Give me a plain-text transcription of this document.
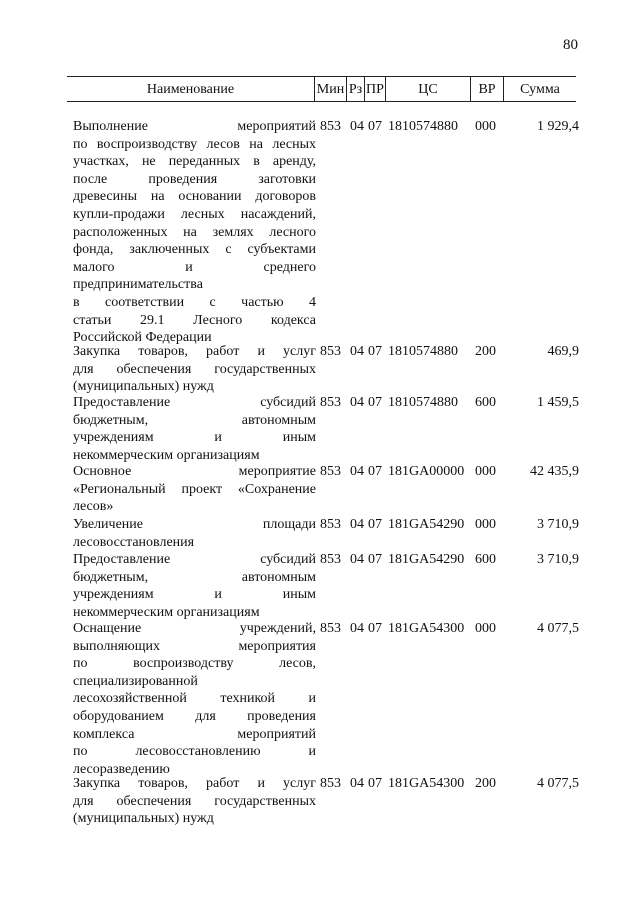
80
Наименование	Мин Рз ПР	ЦС	ВР	Сумма
Выполнение мероприятий
по воспроизводству лесов на лесных
участках, не переданных в аренду,
после проведения заготовки
древесины на основании договоров
купли-продажи лесных насаждений,
расположенных на землях лесного
фонда, заключенных с субъектами
малого и среднего
предпринимательства
в соответствии с частью 4
статьи 29.1 Лесного кодекса
Российской Федерации
853 04 07 1810574880 000	1 929,4
Закупка товаров, работ и услуг
для обеспечения государственных
(муниципальных) нужд
853 04 07 1810574880 200	469,9
Предоставление субсидий
бюджетным, автономным
учреждениям и иным
некоммерческим организациям
853 04 07 1810574880 600	1 459,5
Основное мероприятие
«Региональный проект «Сохранение
лесов»
853 04 07 181GA00000 000	42 435,9
Увеличение площади
лесовосстановления
853 04 07 181GA54290 000	3 710,9
Предоставление субсидий
бюджетным, автономным
учреждениям и иным
некоммерческим организациям
853 04 07 181GA54290 600	3 710,9
Оснащение учреждений,
выполняющих мероприятия
по воспроизводству лесов,
специализированной
лесохозяйственной техникой и
оборудованием для проведения
комплекса мероприятий
по лесовосстановлению и
лесоразведению
853 04 07 181GA54300 000	4 077,5
Закупка товаров, работ и услуг
для обеспечения государственных
(муниципальных) нужд
853 04 07 181GA54300 200	4 077,5
